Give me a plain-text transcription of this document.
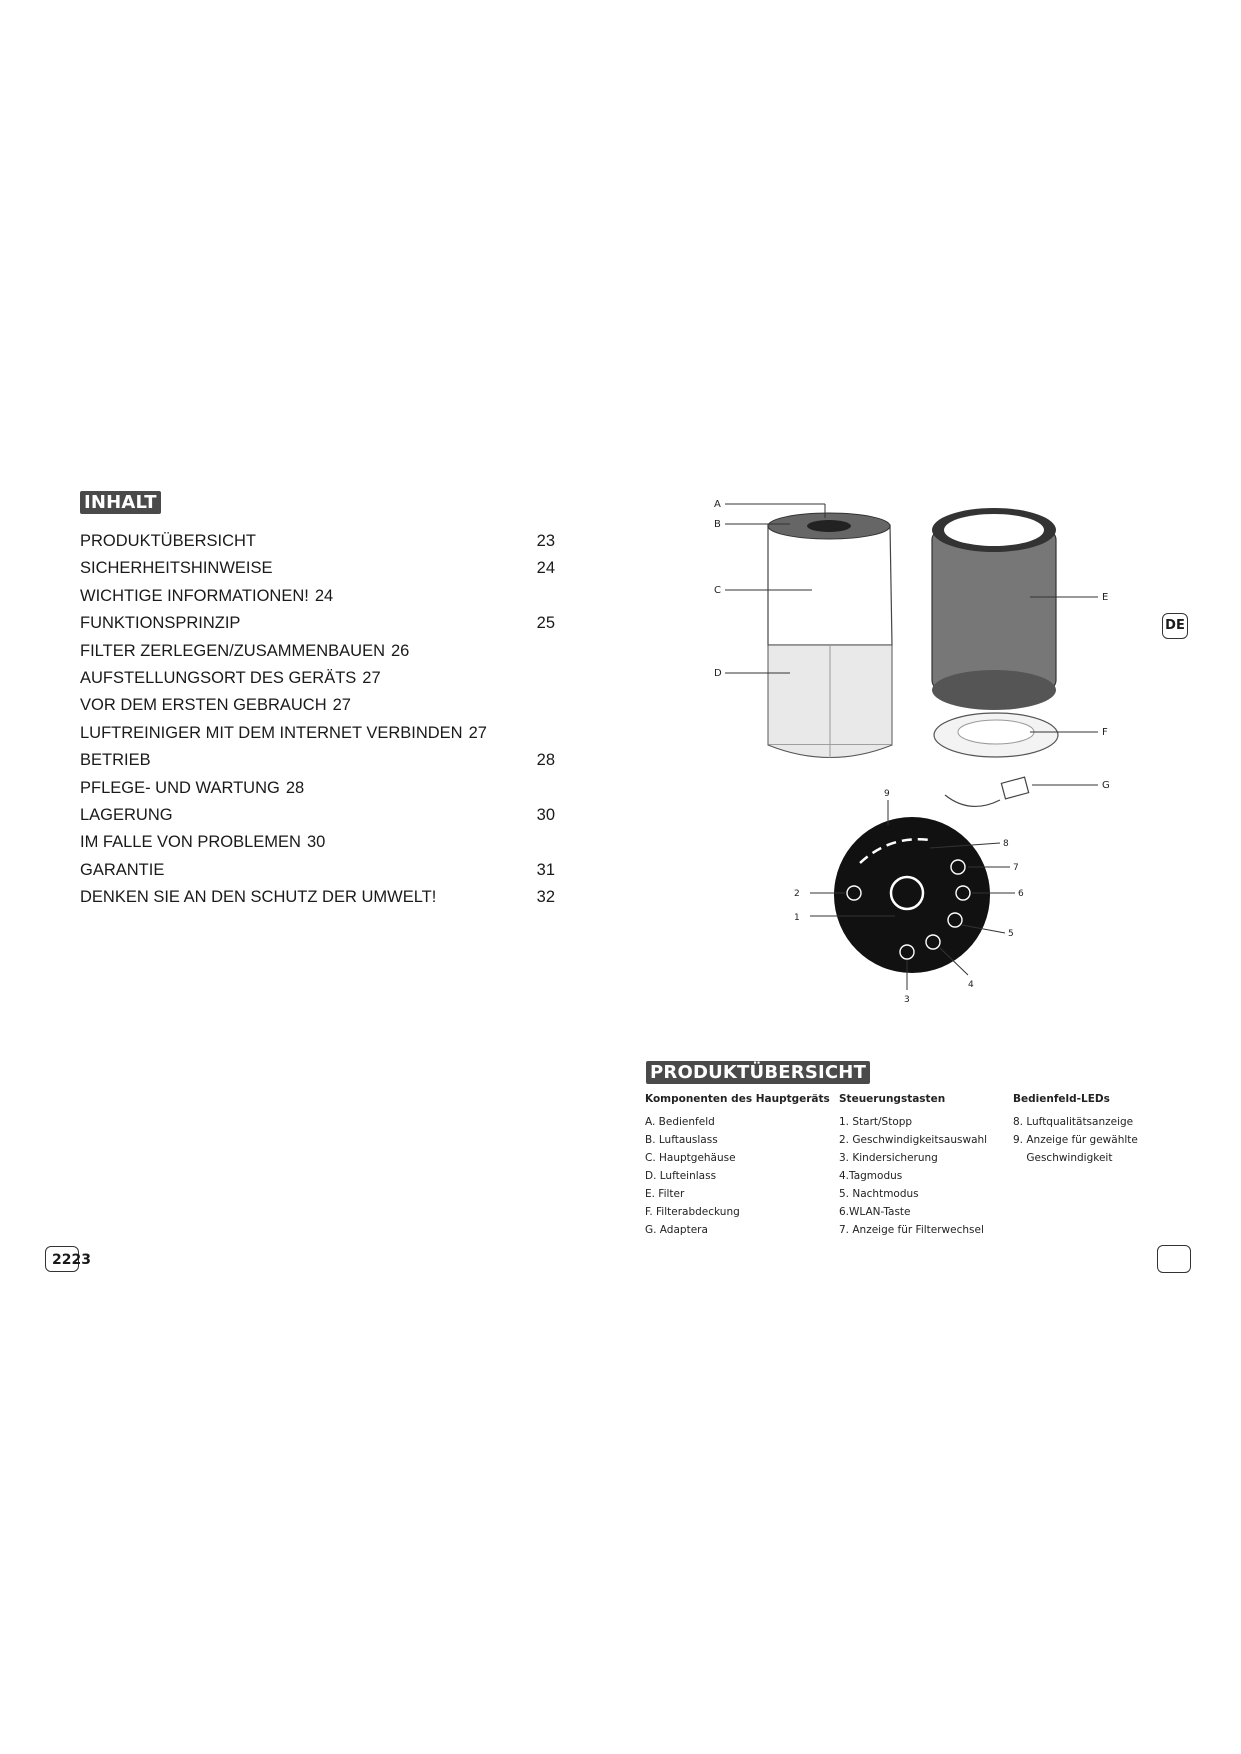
INHALT
PRODUKTÜBERSICHT	23
SICHERHEITSHINWEISE	24
WICHTIGE INFORMATIONEN! 24
FUNKTIONSPRINZIP	25
FILTER ZERLEGEN/ZUSAMMENBAUEN 26
AUFSTELLUNGSORT DES GERÄTS 27
VOR DEM ERSTEN GEBRAUCH 27
LUFTREINIGER MIT DEM INTERNET VERBINDEN 27
BETRIEB	28
PFLEGE- UND WARTUNG 28
LAGERUNG	30
IM FALLE VON PROBLEMEN 30
GARANTIE	31
DENKEN SIE AN DEN SCHUTZ DER UMWELT!	32
A
B
C
D
E
F
G
1
2
3
4
5
6
7
8
9
PRODUKTÜBERSICHT
Komponenten des Hauptgeräts
A. Bedienfeld
B. Luftauslass
C. Hauptgehäuse
D. Lufteinlass
E. Filter
F. Filterabdeckung
G. Adaptera
Steuerungstasten
1. Start/Stopp
2. Geschwindigkeitsauswahl
3. Kindersicherung
4.Tagmodus
5. Nachtmodus
6.WLAN-Taste
7. Anzeige für Filterwechsel
Bedienfeld-LEDs
8. Luftqualitätsanzeige
9. Anzeige für gewählte
Geschwindigkeit
2223
DE
